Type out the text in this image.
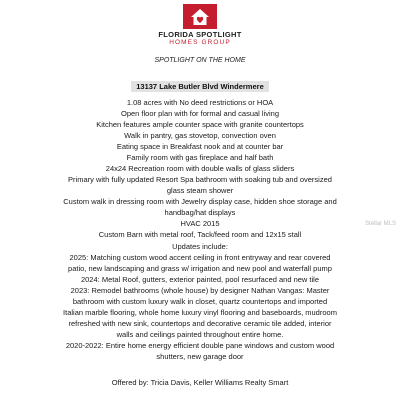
FLORIDA SPOTLIGHT
HOMES GROUP
SPOTLIGHT ON THE HOME
13137 Lake Butler Blvd Windermere
1.08 acres with No deed restrictions or HOA
Open floor plan with for formal and casual living
Kitchen features ample counter space with granite countertops
Walk in pantry, gas stovetop, convection oven
Eating space in Breakfast nook and at counter bar
Family room with gas fireplace and half bath
24x24 Recreation room with double walls of glass sliders
Primary with fully updated Resort Spa bathroom with soaking tub and oversized
glass steam shower
Custom walk in dressing room with Jewelry display case, hidden shoe storage and
handbag/hat displays
HVAC 2015
Custom Barn with metal roof, Tack/feed room and 12x15 stall
Updates include:
2025: Matching custom wood accent ceiling in front entryway and rear covered
patio, new landscaping and grass w/ irrigation and new pool and waterfall pump
2024: Metal Roof, gutters, exterior painted, pool resurfaced and new tile
2023: Remodel bathrooms (whole house) by designer Nathan Vangas: Master
bathroom with custom luxury walk in closet, quartz countertops and imported
Italian marble flooring, whole home luxury vinyl flooring and baseboards, mudroom
refreshed with new sink, countertops and decorative ceramic tile added, interior
walls and ceilings painted throughout entire home.
2020-2022: Entire home energy efficient double pane windows and custom wood
shutters, new garage door
Offered by: Tricia Davis, Keller Williams Realty Smart
Stellar MLS
